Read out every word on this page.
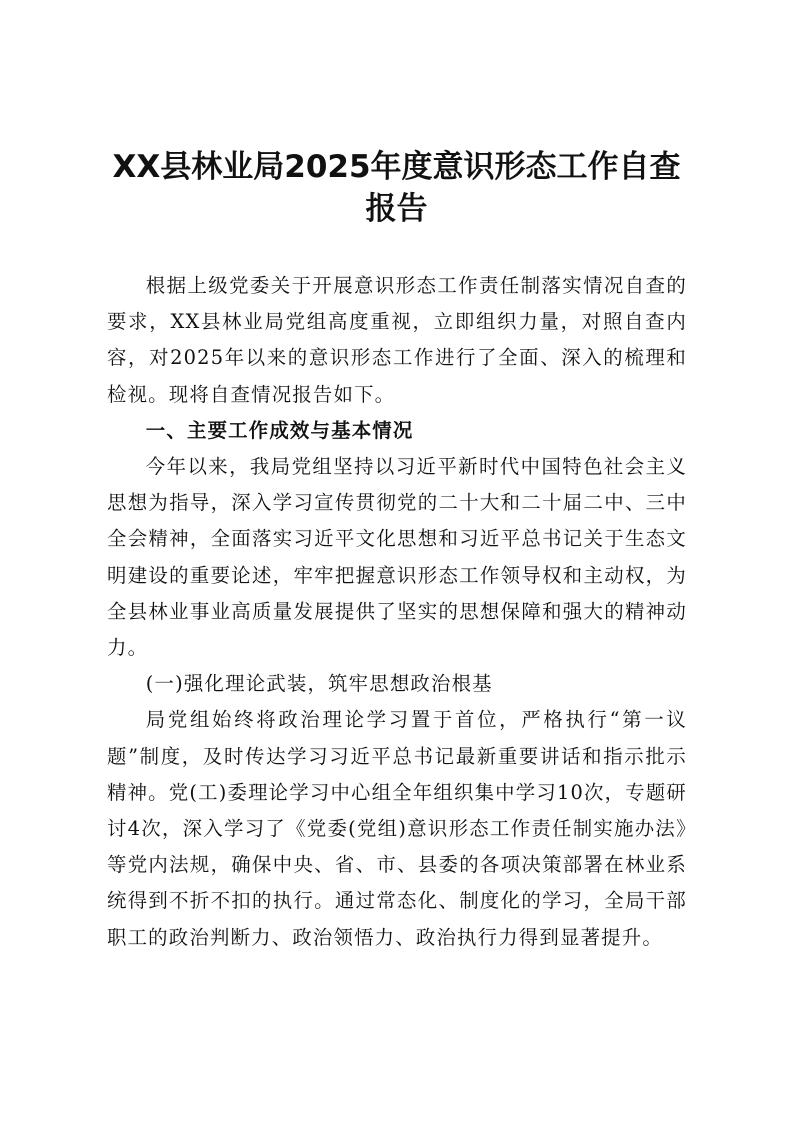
XX县林业局2025年度意识形态工作自查报告

根据上级党委关于开展意识形态工作责任制落实情况自查的要求，XX县林业局党组高度重视，立即组织力量，对照自查内容，对2025年以来的意识形态工作进行了全面、深入的梳理和检视。现将自查情况报告如下。

一、主要工作成效与基本情况

今年以来，我局党组坚持以习近平新时代中国特色社会主义思想为指导，深入学习宣传贯彻党的二十大和二十届二中、三中全会精神，全面落实习近平文化思想和习近平总书记关于生态文明建设的重要论述，牢牢把握意识形态工作领导权和主动权，为全县林业事业高质量发展提供了坚实的思想保障和强大的精神动力。

(一)强化理论武装，筑牢思想政治根基

局党组始终将政治理论学习置于首位，严格执行“第一议题”制度，及时传达学习习近平总书记最新重要讲话和指示批示精神。党(工)委理论学习中心组全年组织集中学习10次，专题研讨4次，深入学习了《党委(党组)意识形态工作责任制实施办法》等党内法规，确保中央、省、市、县委的各项决策部署在林业系统得到不折不扣的执行。通过常态化、制度化的学习，全局干部职工的政治判断力、政治领悟力、政治执行力得到显著提升。
